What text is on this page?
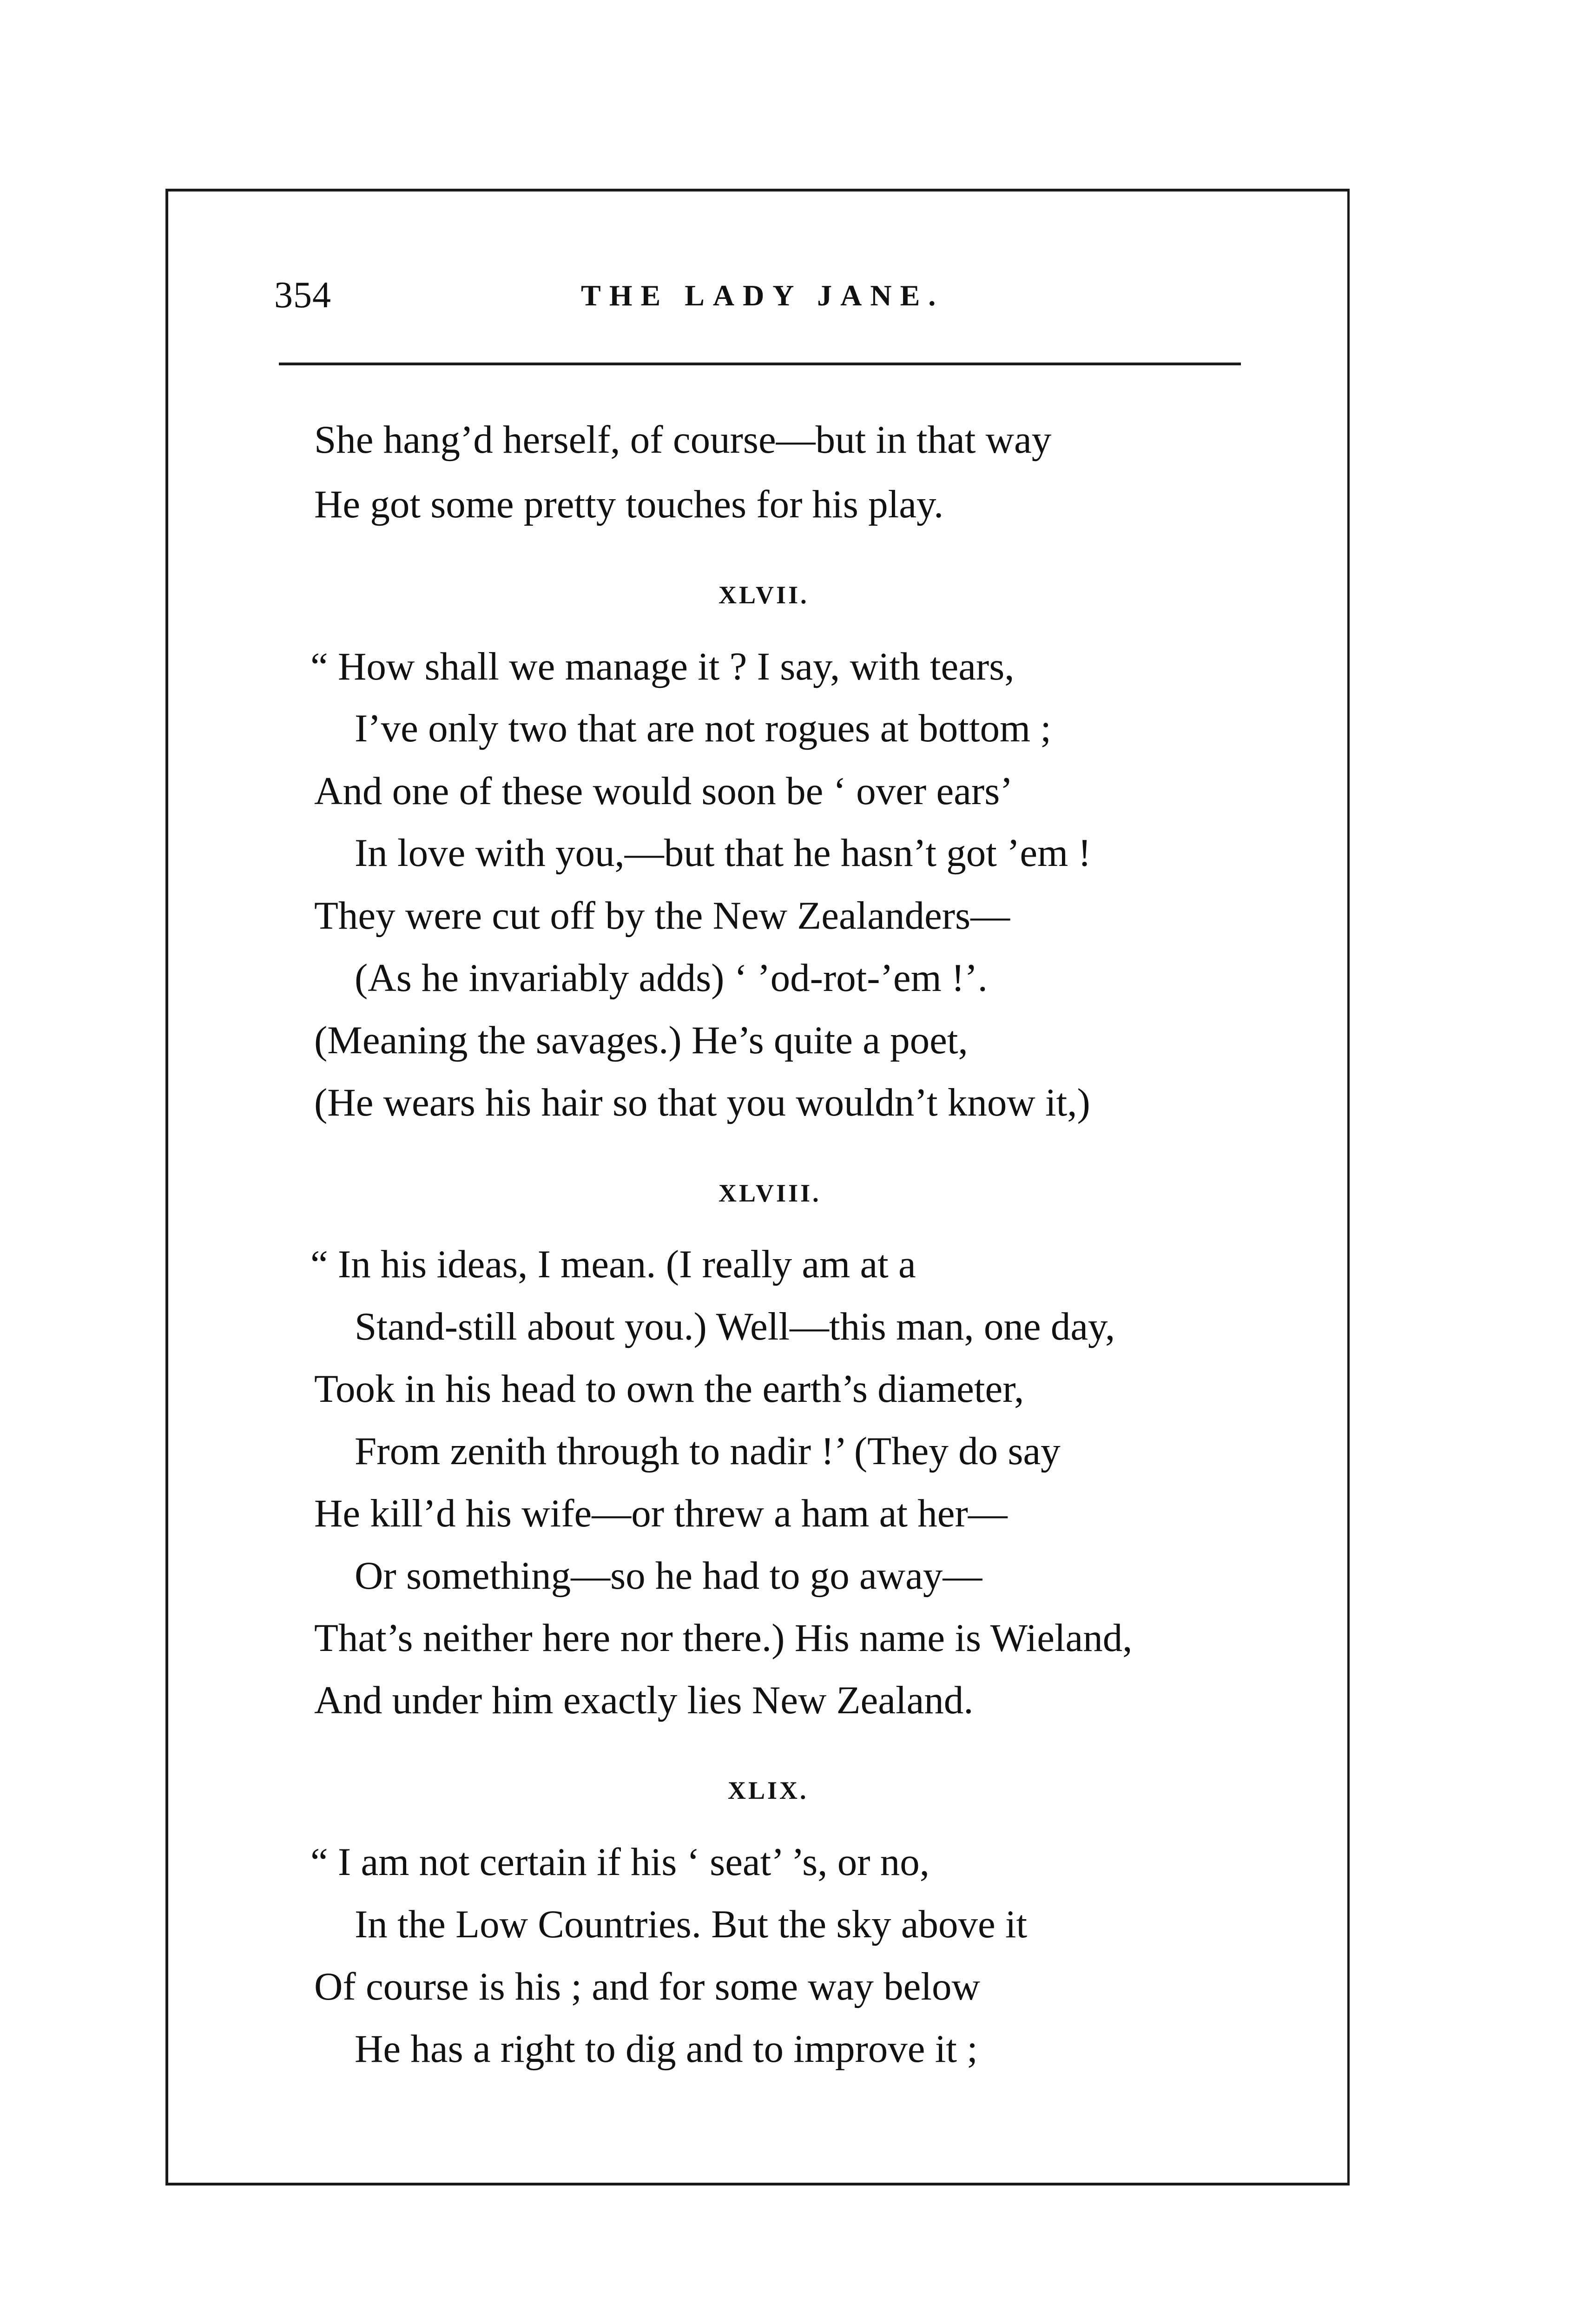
354	THE LADY JANE.
She hang’d herself, of course—but in that way
He got some pretty touches for his play.
XLVII.
“ How shall we manage it ? I say, with tears,
I’ve only two that are not rogues at bottom ;
And one of these would soon be ‘ over ears’
In love with you,—but that he hasn’t got ’em !
They were cut off by the New Zealanders—
(As he invariably adds) ‘ ’od-rot-’em !’.
(Meaning the savages.) He’s quite a poet,
(He wears his hair so that you wouldn’t know it,)
XLVIII.
“ In his ideas, I mean. (I really am at a
Stand-still about you.) Well—this man, one day,
Took in his head to own the earth’s diameter,
From zenith through to nadir !’ (They do say
He kill’d his wife—or threw a ham at her—
Or something—so he had to go away—
That’s neither here nor there.) His name is Wieland,
And under him exactly lies New Zealand.
XLIX.
“ I am not certain if his ‘ seat’ ’s, or no,
In the Low Countries. But the sky above it
Of course is his ; and for some way below
He has a right to dig and to improve it ;
